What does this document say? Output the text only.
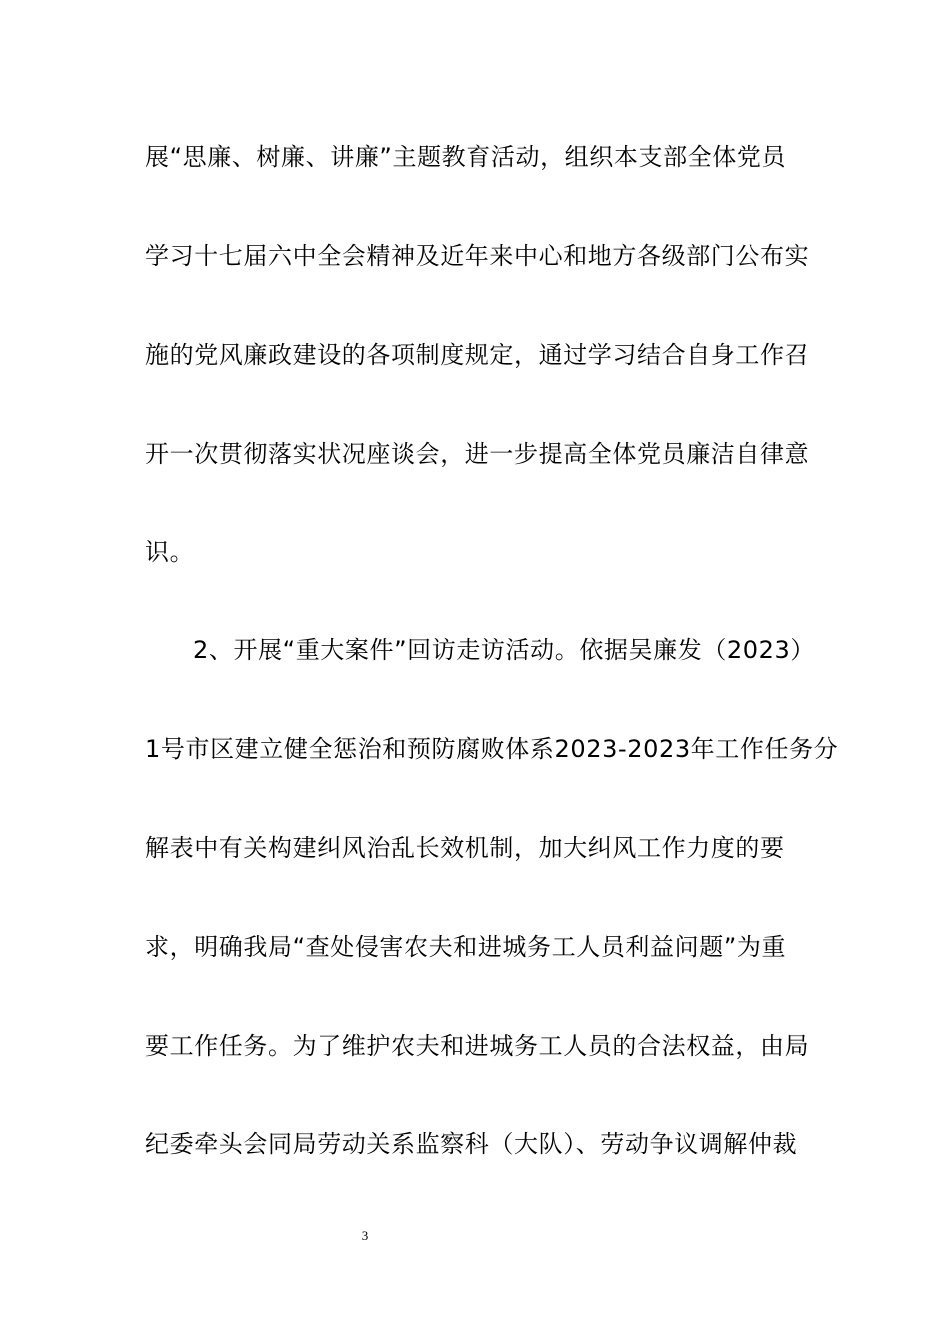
展“思廉、树廉、讲廉”主题教育活动，组织本支部全体党员
学习十七届六中全会精神及近年来中心和地方各级部门公布实
施的党风廉政建设的各项制度规定，通过学习结合自身工作召
开一次贯彻落实状况座谈会，进一步提高全体党员廉洁自律意
识。
2、开展“重大案件”回访走访活动。依据吴廉发（2023）
1号市区建立健全惩治和预防腐败体系2023-2023年工作任务分
解表中有关构建纠风治乱长效机制，加大纠风工作力度的要
求，明确我局“查处侵害农夫和进城务工人员利益问题”为重
要工作任务。为了维护农夫和进城务工人员的合法权益，由局
纪委牵头会同局劳动关系监察科（大队）、劳动争议调解仲裁
3
